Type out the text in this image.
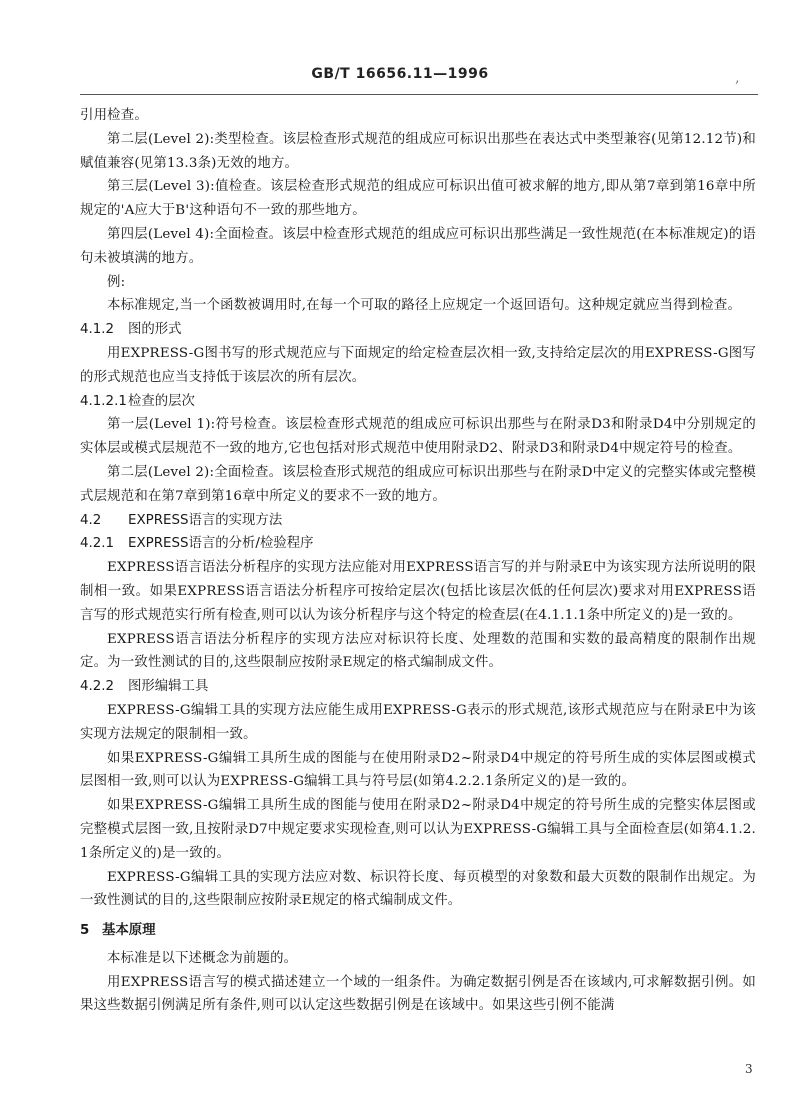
GB/T 16656.11—1996	‚

引用检查。

第二层(Level 2):类型检查。该层检查形式规范的组成应可标识出那些在表达式中类型兼容(见第12.12节)和赋值兼容(见第13.3条)无效的地方。

第三层(Level 3):值检查。该层检查形式规范的组成应可标识出值可被求解的地方,即从第7章到第16章中所规定的'A应大于B'这种语句不一致的那些地方。

第四层(Level 4):全面检查。该层中检查形式规范的组成应可标识出那些满足一致性规范(在本标准规定)的语句未被填满的地方。

例:

本标准规定,当一个函数被调用时,在每一个可取的路径上应规定一个返回语句。这种规定就应当得到检查。

4.1.2 图的形式

用EXPRESS-G图书写的形式规范应与下面规定的给定检查层次相一致,支持给定层次的用EXPRESS-G图写的形式规范也应当支持低于该层次的所有层次。

4.1.2.1检查的层次

第一层(Level 1):符号检查。该层检查形式规范的组成应可标识出那些与在附录D3和附录D4中分别规定的实体层或模式层规范不一致的地方,它也包括对形式规范中使用附录D2、附录D3和附录D4中规定符号的检查。

第二层(Level 2):全面检查。该层检查形式规范的组成应可标识出那些与在附录D中定义的完整实体或完整模式层规范和在第7章到第16章中所定义的要求不一致的地方。

4.2 EXPRESS语言的实现方法

4.2.1 EXPRESS语言的分析/检验程序

EXPRESS语言语法分析程序的实现方法应能对用EXPRESS语言写的并与附录E中为该实现方法所说明的限制相一致。如果EXPRESS语言语法分析程序可按给定层次(包括比该层次低的任何层次)要求对用EXPRESS语言写的形式规范实行所有检查,则可以认为该分析程序与这个特定的检查层(在4.1.1.1条中所定义的)是一致的。

EXPRESS语言语法分析程序的实现方法应对标识符长度、处理数的范围和实数的最高精度的限制作出规定。为一致性测试的目的,这些限制应按附录E规定的格式编制成文件。

4.2.2 图形编辑工具

EXPRESS-G编辑工具的实现方法应能生成用EXPRESS-G表示的形式规范,该形式规范应与在附录E中为该实现方法规定的限制相一致。

如果EXPRESS-G编辑工具所生成的图能与在使用附录D2~附录D4中规定的符号所生成的实体层图或模式层图相一致,则可以认为EXPRESS-G编辑工具与符号层(如第4.2.2.1条所定义的)是一致的。

如果EXPRESS-G编辑工具所生成的图能与使用在附录D2~附录D4中规定的符号所生成的完整实体层图或完整模式层图一致,且按附录D7中规定要求实现检查,则可以认为EXPRESS-G编辑工具与全面检查层(如第4.1.2.1条所定义的)是一致的。

EXPRESS-G编辑工具的实现方法应对数、标识符长度、每页模型的对象数和最大页数的限制作出规定。为一致性测试的目的,这些限制应按附录E规定的格式编制成文件。

5 基本原理

本标准是以下述概念为前题的。

用EXPRESS语言写的模式描述建立一个域的一组条件。为确定数据引例是否在该域内,可求解数据引例。如果这些数据引例满足所有条件,则可以认定这些数据引例是在该域中。如果这些引例不能满

3
